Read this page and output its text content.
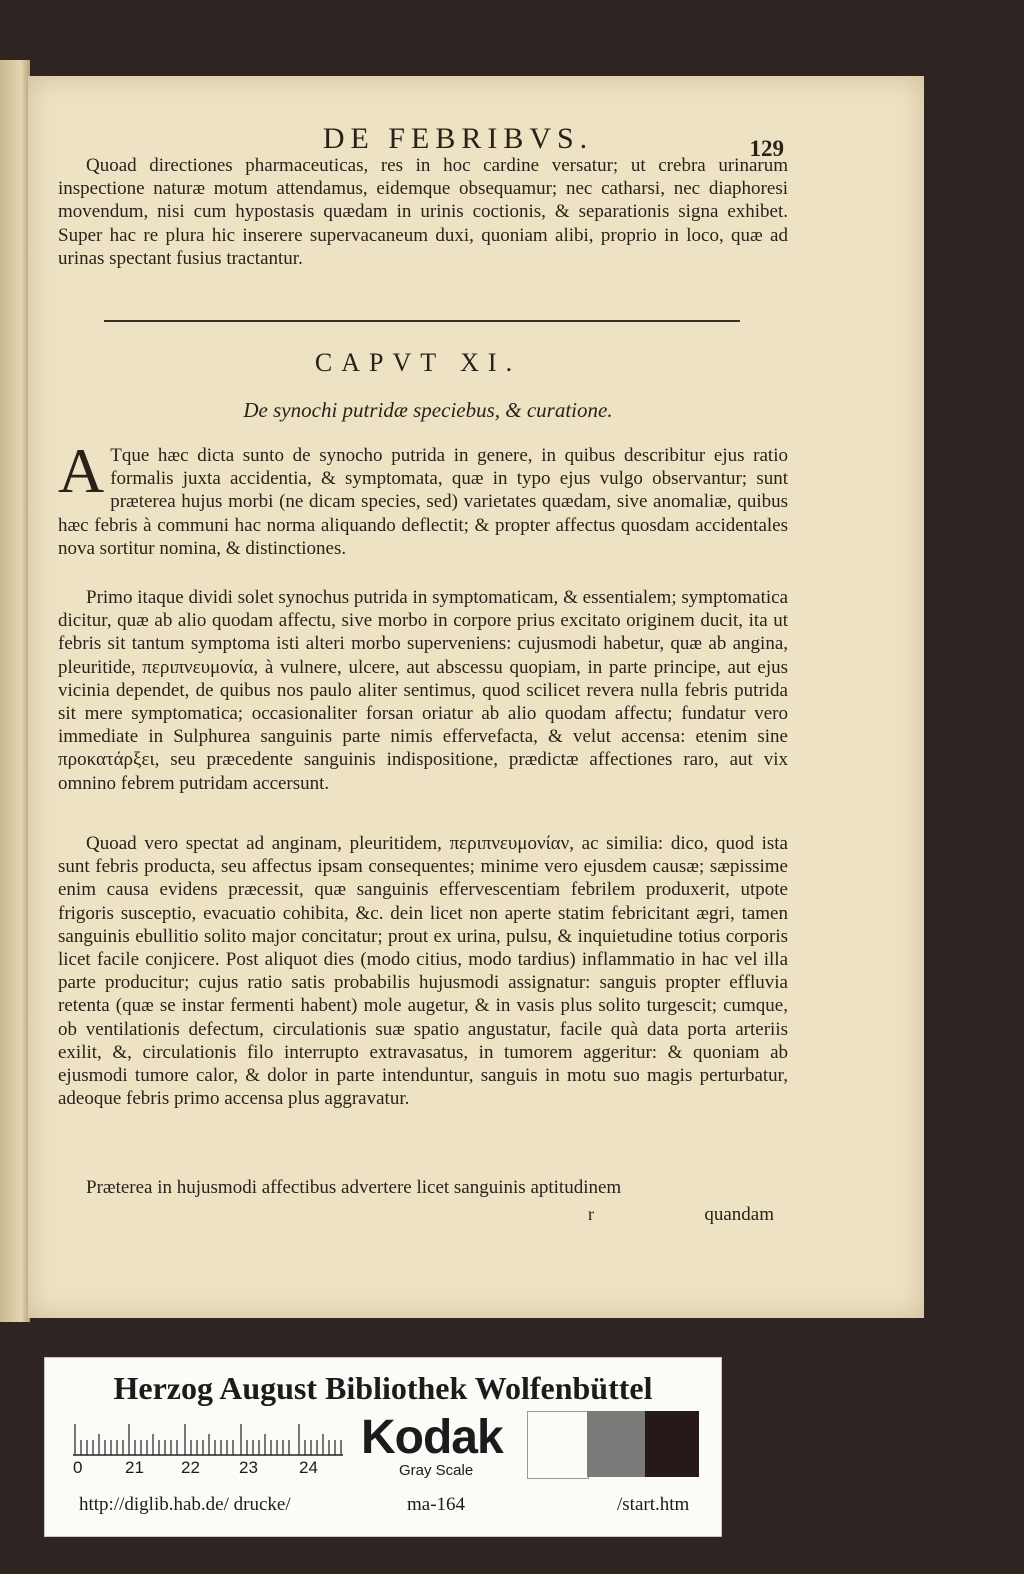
DE FEBRIBVS.	129
Quoad directiones pharmaceuticas, res in hoc cardine versatur; ut crebra urinarum inspectione naturæ motum attendamus, eidemque obsequamur; nec catharsi, nec diaphoresi movendum, nisi cum hypostasis quædam in urinis coctionis, & separationis signa exhibet. Super hac re plura hic inserere supervacaneum duxi, quoniam alibi, proprio in loco, quæ ad urinas spectant fusius tractantur.
CAPVT XI.
De synochi putridæ speciebus, & curatione.
A Tque hæc dicta sunto de synocho putrida in genere, in quibus describitur ejus ratio formalis juxta accidentia, & symptomata, quæ in typo ejus vulgo observantur; sunt præterea hujus morbi (ne dicam species, sed) varietates quædam, sive anomaliæ, quibus hæc febris à communi hac norma aliquando deflectit; & propter affectus quosdam accidentales nova sortitur nomina, & distinctiones.
Primo itaque dividi solet synochus putrida in symptomaticam, & essentialem; symptomatica dicitur, quæ ab alio quodam affectu, sive morbo in corpore prius excitato originem ducit, ita ut febris sit tantum symptoma isti alteri morbo superveniens: cujusmodi habetur, quæ ab angina, pleuritide, περιπνευμονία, à vulnere, ulcere, aut abscessu quopiam, in parte principe, aut ejus vicinia dependet, de quibus nos paulo aliter sentimus, quod scilicet revera nulla febris putrida sit mere symptomatica; occasionaliter forsan oriatur ab alio quodam affectu; fundatur vero immediate in Sulphurea sanguinis parte nimis effervefacta, & velut accensa: etenim sine προκατάρξει, seu præcedente sanguinis indispositione, prædictæ affectiones raro, aut vix omnino febrem putridam accersunt.
Quoad vero spectat ad anginam, pleuritidem, περιπνευμονίαν, ac similia: dico, quod ista sunt febris producta, seu affectus ipsam consequentes; minime vero ejusdem causæ; sæpissime enim causa evidens præcessit, quæ sanguinis effervescentiam febrilem produxerit, utpote frigoris susceptio, evacuatio cohibita, &c. dein licet non aperte statim febricitant ægri, tamen sanguinis ebullitio solito major concitatur; prout ex urina, pulsu, & inquietudine totius corporis licet facile conjicere. Post aliquot dies (modo citius, modo tardius) inflammatio in hac vel illa parte producitur; cujus ratio satis probabilis hujusmodi assignatur: sanguis propter effluvia retenta (quæ se instar fermenti habent) mole augetur, & in vasis plus solito turgescit; cumque, ob ventilationis defectum, circulationis suæ spatio angustatur, facile quà data porta arteriis exilit, &, circulationis filo interrupto extravasatus, in tumorem aggeritur: & quoniam ab ejusmodi tumore calor, & dolor in parte intenduntur, sanguis in motu suo magis perturbatur, adeoque febris primo accensa plus aggravatur.
Præterea in hujusmodi affectibus advertere licet sanguinis aptitudinem
r	quandam
Herzog August Bibliothek Wolfenbüttel
0	21 22 23 24
Kodak
Gray Scale
http://diglib.hab.de/ drucke/	ma-164	/start.htm
